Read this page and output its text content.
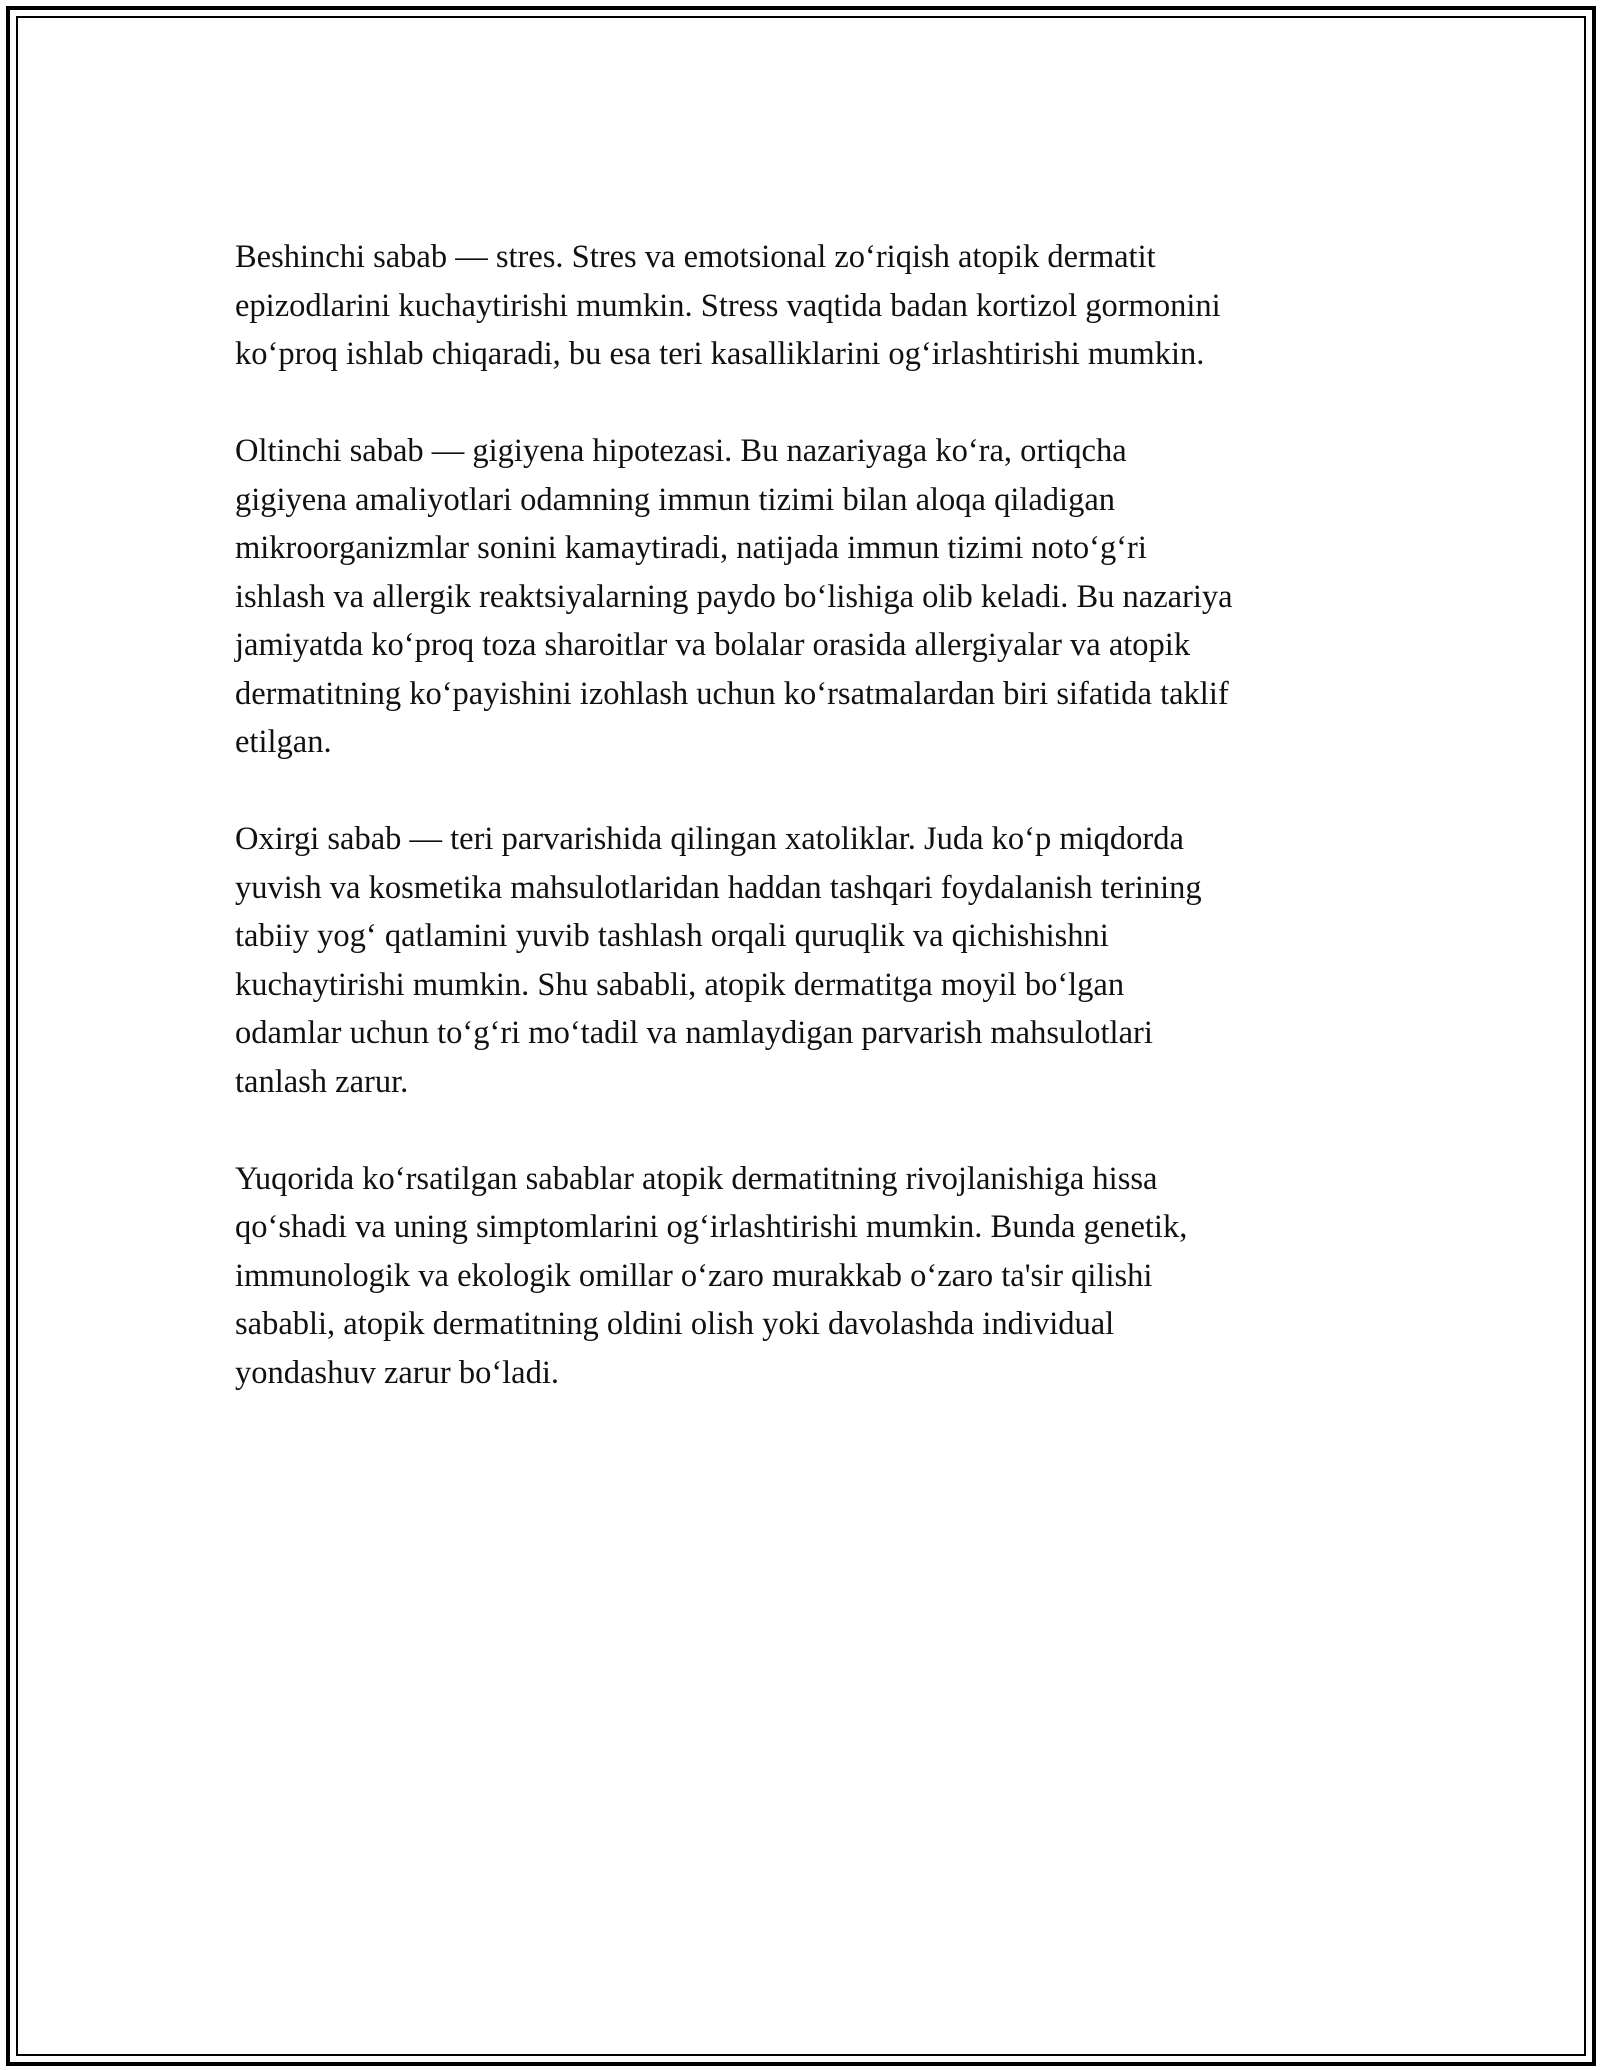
Beshinchi sabab — stres. Stres va emotsional zo‘riqish atopik dermatit
epizodlarini kuchaytirishi mumkin. Stress vaqtida badan kortizol gormonini
ko‘proq ishlab chiqaradi, bu esa teri kasalliklarini og‘irlashtirishi mumkin.

Oltinchi sabab — gigiyena hipotezasi. Bu nazariyaga ko‘ra, ortiqcha
gigiyena amaliyotlari odamning immun tizimi bilan aloqa qiladigan
mikroorganizmlar sonini kamaytiradi, natijada immun tizimi noto‘g‘ri
ishlash va allergik reaktsiyalarning paydo bo‘lishiga olib keladi. Bu nazariya
jamiyatda ko‘proq toza sharoitlar va bolalar orasida allergiyalar va atopik
dermatitning ko‘payishini izohlash uchun ko‘rsatmalardan biri sifatida taklif
etilgan.

Oxirgi sabab — teri parvarishida qilingan xatoliklar. Juda ko‘p miqdorda
yuvish va kosmetika mahsulotlaridan haddan tashqari foydalanish terining
tabiiy yog‘ qatlamini yuvib tashlash orqali quruqlik va qichishishni
kuchaytirishi mumkin. Shu sababli, atopik dermatitga moyil bo‘lgan
odamlar uchun to‘g‘ri mo‘tadil va namlaydigan parvarish mahsulotlari
tanlash zarur.

Yuqorida ko‘rsatilgan sabablar atopik dermatitning rivojlanishiga hissa
qo‘shadi va uning simptomlarini og‘irlashtirishi mumkin. Bunda genetik,
immunologik va ekologik omillar o‘zaro murakkab o‘zaro ta'sir qilishi
sababli, atopik dermatitning oldini olish yoki davolashda individual
yondashuv zarur bo‘ladi.
